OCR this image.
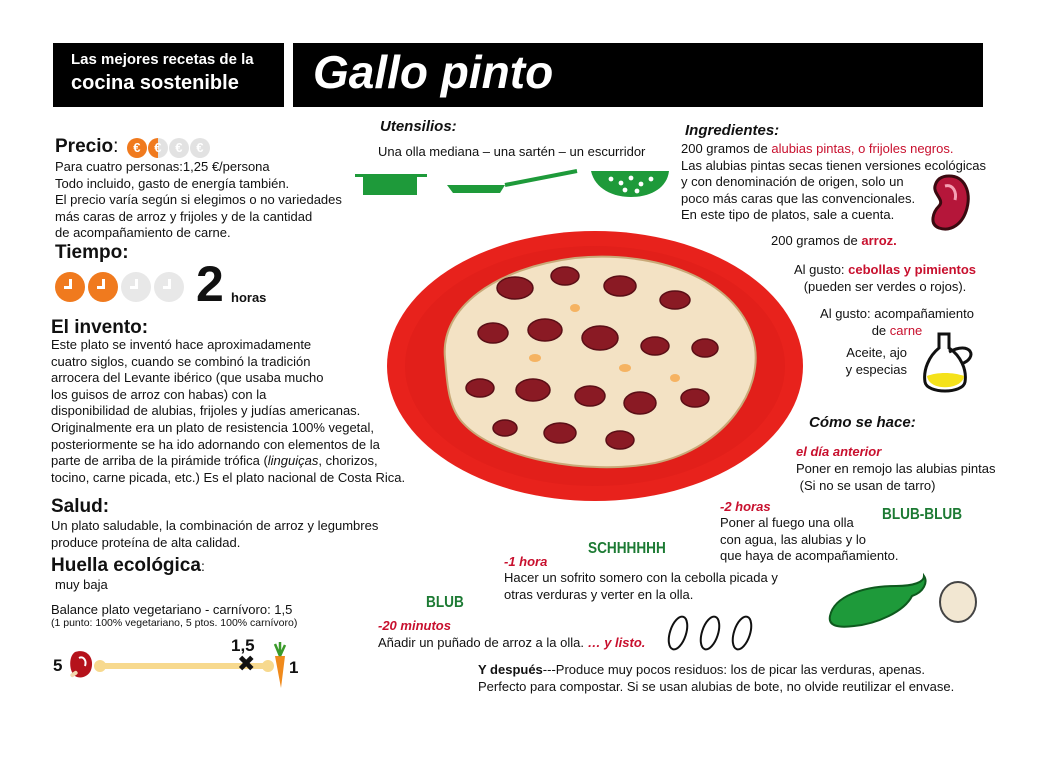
Las mejores recetas de la
cocina sostenible	Gallo pinto
Precio: € € € €
Para cuatro personas:1,25 €/persona
Todo incluido, gasto de energía también.
El precio varía según si elegimos o no variedades
más caras de arroz y frijoles y de la cantidad
de acompañamiento de carne.
Tiempo:
2 horas
El invento:
Este plato se inventó hace aproximadamente
cuatro siglos, cuando se combinó la tradición
arrocera del Levante ibérico (que usaba mucho
los guisos de arroz con habas) con la
disponibilidad de alubias, frijoles y judías americanas.
Originalmente era un plato de resistencia 100% vegetal,
posteriormente se ha ido adornando con elementos de la
parte de arriba de la pirámide trófica (linguiças, chorizos,
tocino, carne picada, etc.) Es el plato nacional de Costa Rica.
Salud:
Un plato saludable, la combinación de arroz y legumbres
produce proteína de alta calidad.
Huella ecológica:
muy baja
Balance plato vegetariano - carnívoro: 1,5
(1 punto: 100% vegetariano, 5 ptos. 100% carnívoro)
5
1,5
✖ 1
Utensilios:
Una olla mediana – una sartén – un escurridor
Ingredientes:
200 gramos de alubias pintas, o frijoles negros.
Las alubias pintas secas tienen versiones ecológicas
y con denominación de origen, solo un
poco más caras que las convencionales.
En este tipo de platos, sale a cuenta.
200 gramos de arroz.
Al gusto: cebollas y pimientos
(pueden ser verdes o rojos).
Al gusto: acompañamiento
de carne
Aceite, ajo
y especias
Cómo se hace:
el día anterior
Poner en remojo las alubias pintas
(Si no se usan de tarro)
-2 horas
Poner al fuego una olla
con agua, las alubias y lo
que haya de acompañamiento.
BLUB-BLUB
SCHHHHHH
-1 hora
Hacer un sofrito somero con la cebolla picada y
otras verduras y verter en la olla.
BLUB
-20 minutos
Añadir un puñado de arroz a la olla. … y listo.
Y después---Produce muy pocos residuos: los de picar las verduras, apenas.
Perfecto para compostar. Si se usan alubias de bote, no olvide reutilizar el envase.
